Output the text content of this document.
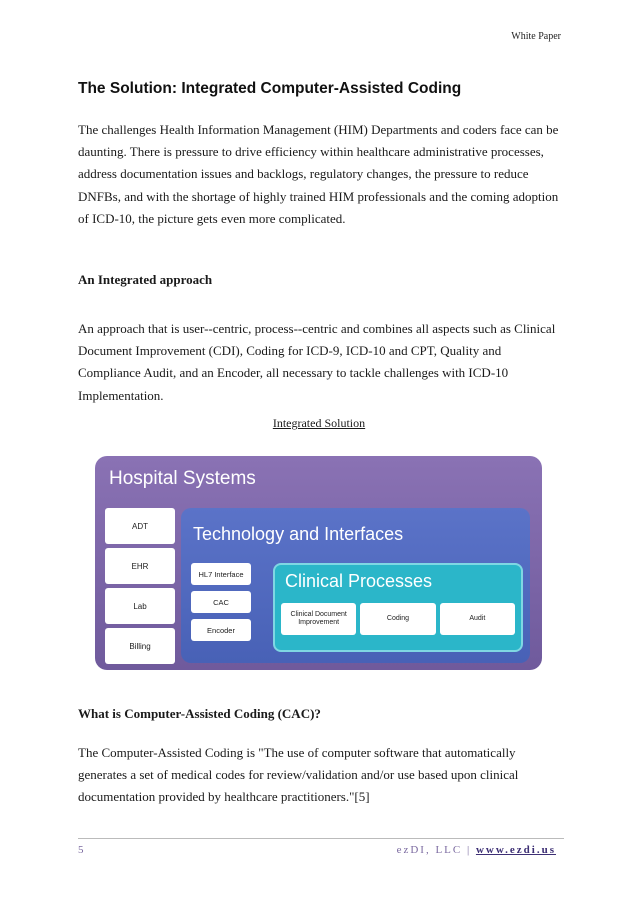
White Paper
The Solution: Integrated Computer-Assisted Coding

The challenges Health Information Management (HIM) Departments and coders face can be daunting. There is pressure to drive efficiency within healthcare administrative processes, address documentation issues and backlogs, regulatory changes, the pressure to reduce DNFBs, and with the shortage of highly trained HIM professionals and the coming adoption of ICD-10, the picture gets even more complicated.

An Integrated approach

An approach that is user--centric, process--centric and combines all aspects such as Clinical Document Improvement (CDI), Coding for ICD-9, ICD-10 and CPT, Quality and Compliance Audit, and an Encoder, all necessary to tackle challenges with ICD-10 Implementation.

Integrated Solution
Hospital Systems
ADT
EHR
Lab
Billing
Technology and Interfaces
HL7 Interface
CAC
Encoder
Clinical Processes
Clinical Document Improvement
Coding	Audit
What is Computer-Assisted Coding (CAC)?

The Computer-Assisted Coding is "The use of computer software that automatically generates a set of medical codes for review/validation and/or use based upon clinical documentation provided by healthcare practitioners."[5]

5	ezDI, LLC | www.ezdi.us
